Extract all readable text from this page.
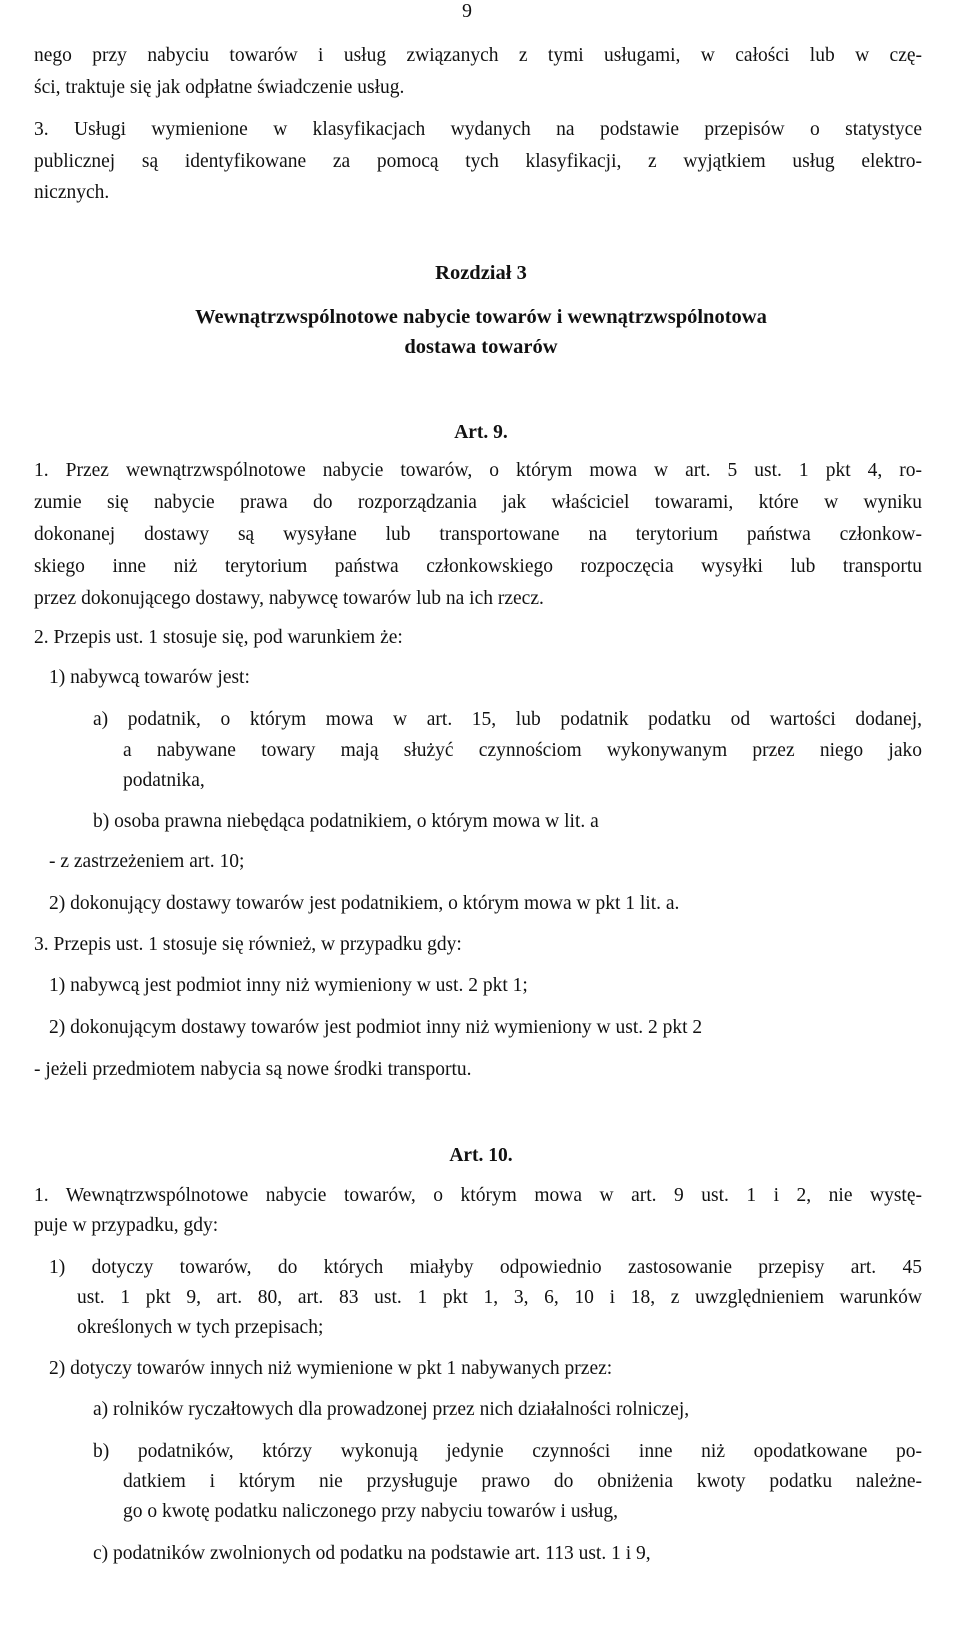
9
nego przy nabyciu towarów i usług związanych z tymi usługami, w całości lub w czę-
ści, traktuje się jak odpłatne świadczenie usług.
3. Usługi wymienione w klasyfikacjach wydanych na podstawie przepisów o statystyce
publicznej są identyfikowane za pomocą tych klasyfikacji, z wyjątkiem usług elektro-
nicznych.
Rozdział 3
Wewnątrzwspólnotowe nabycie towarów i wewnątrzwspólnotowa
dostawa towarów
Art. 9.
1. Przez wewnątrzwspólnotowe nabycie towarów, o którym mowa w art. 5 ust. 1 pkt 4, ro-
zumie się nabycie prawa do rozporządzania jak właściciel towarami, które w wyniku
dokonanej dostawy są wysyłane lub transportowane na terytorium państwa członkow-
skiego inne niż terytorium państwa członkowskiego rozpoczęcia wysyłki lub transportu
przez dokonującego dostawy, nabywcę towarów lub na ich rzecz.
2. Przepis ust. 1 stosuje się, pod warunkiem że:
1) nabywcą towarów jest:
a) podatnik, o którym mowa w art. 15, lub podatnik podatku od wartości dodanej,
a nabywane towary mają służyć czynnościom wykonywanym przez niego jako
podatnika,
b) osoba prawna niebędąca podatnikiem, o którym mowa w lit. a
- z zastrzeżeniem art. 10;
2) dokonujący dostawy towarów jest podatnikiem, o którym mowa w pkt 1 lit. a.
3. Przepis ust. 1 stosuje się również, w przypadku gdy:
1) nabywcą jest podmiot inny niż wymieniony w ust. 2 pkt 1;
2) dokonującym dostawy towarów jest podmiot inny niż wymieniony w ust. 2 pkt 2
- jeżeli przedmiotem nabycia są nowe środki transportu.
Art. 10.
1. Wewnątrzwspólnotowe nabycie towarów, o którym mowa w art. 9 ust. 1 i 2, nie wystę-
puje w przypadku, gdy:
1) dotyczy towarów, do których miałyby odpowiednio zastosowanie przepisy art. 45
ust. 1 pkt 9, art. 80, art. 83 ust. 1 pkt 1, 3, 6, 10 i 18, z uwzględnieniem warunków
określonych w tych przepisach;
2) dotyczy towarów innych niż wymienione w pkt 1 nabywanych przez:
a) rolników ryczałtowych dla prowadzonej przez nich działalności rolniczej,
b) podatników, którzy wykonują jedynie czynności inne niż opodatkowane po-
datkiem i którym nie przysługuje prawo do obniżenia kwoty podatku należne-
go o kwotę podatku naliczonego przy nabyciu towarów i usług,
c) podatników zwolnionych od podatku na podstawie art. 113 ust. 1 i 9,
